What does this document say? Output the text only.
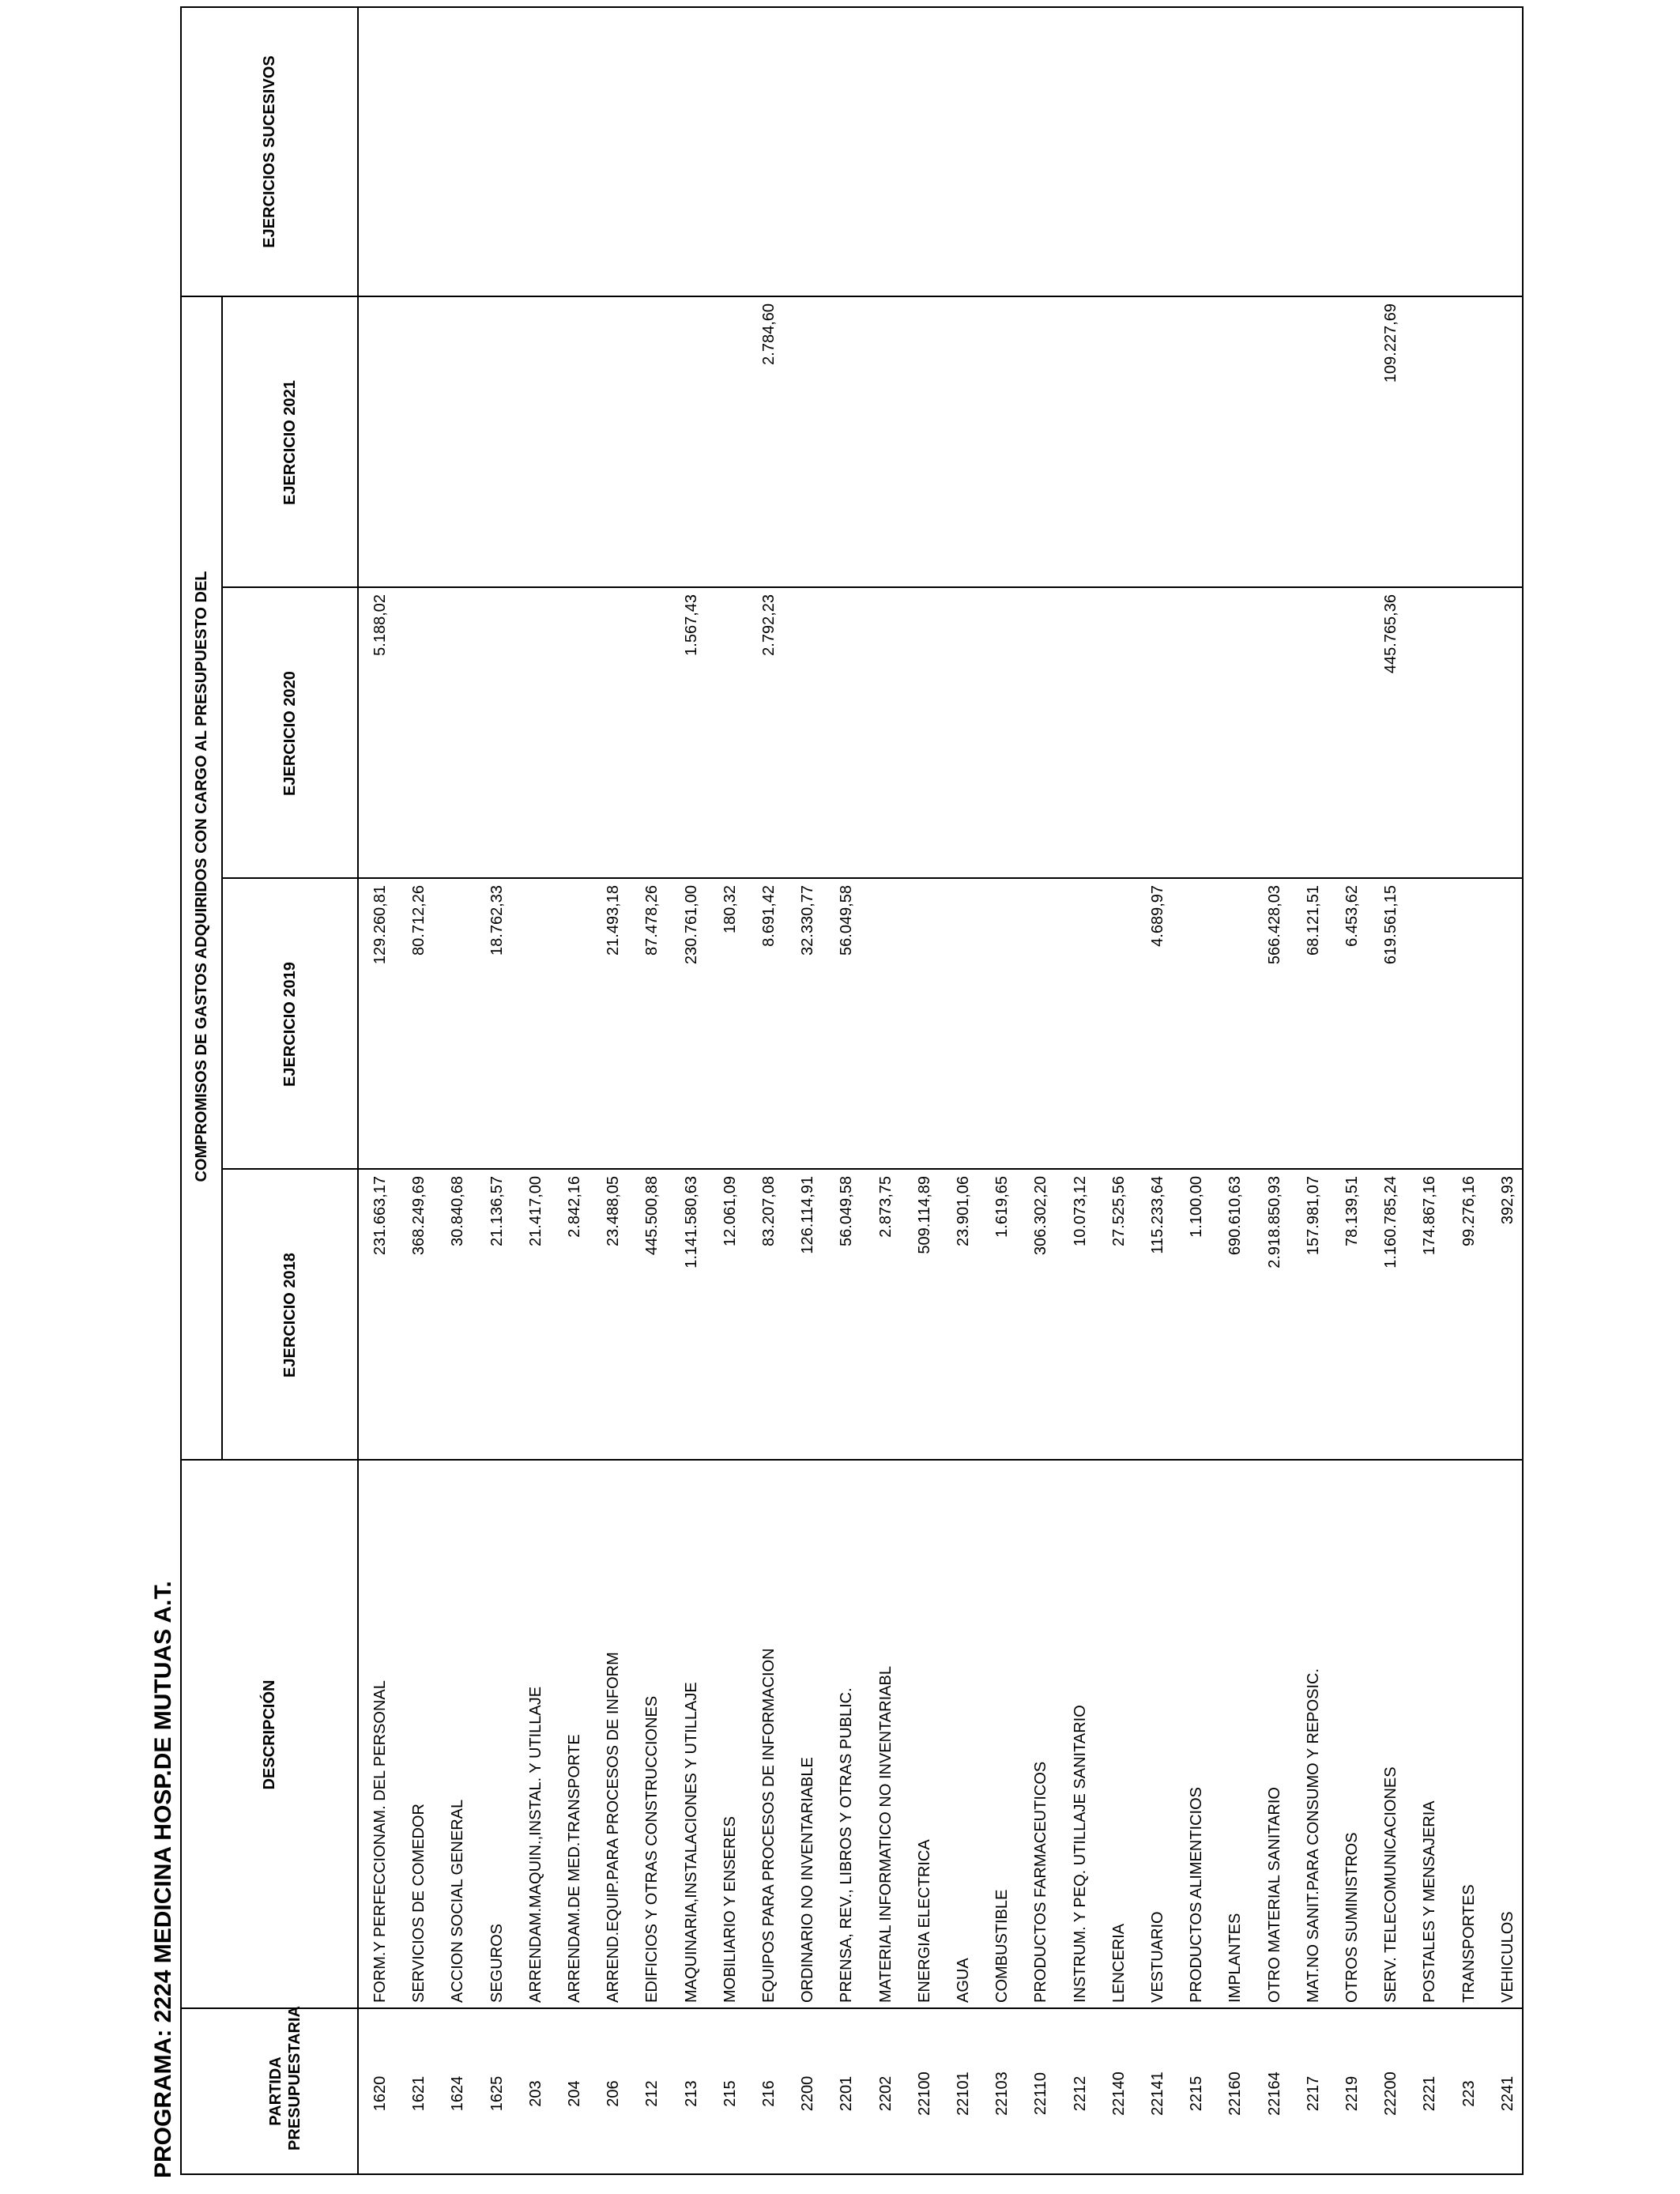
PROGRAMA: 2224 MEDICINA HOSP.DE MUTUAS A.T.	PARTIDA PRESUPUESTARIA
DESCRIPCIÓN
COMPROMISOS DE GASTOS ADQUIRIDOS CON CARGO AL PRESUPUESTO DEL
EJERCICIO 2018
EJERCICIO 2019
EJERCICIO 2020
EJERCICIO 2021
EJERCICIOS SUCESIVOS
1620
FORM.Y PERFECCIONAM. DEL PERSONAL
231.663,17
129.260,81
5.188,02
1621
SERVICIOS DE COMEDOR
368.249,69
80.712,26
1624
ACCION SOCIAL GENERAL
30.840,68
1625
SEGUROS
21.136,57
18.762,33
203
ARRENDAM.MAQUIN.,INSTAL. Y UTILLAJE
21.417,00
204
ARRENDAM.DE MED.TRANSPORTE
2.842,16
206
ARREND.EQUIP.PARA PROCESOS DE INFORM
23.488,05
21.493,18
212
EDIFICIOS Y OTRAS CONSTRUCCIONES
445.500,88
87.478,26
213
MAQUINARIA,INSTALACIONES Y UTILLAJE
1.141.580,63
230.761,00
1.567,43
215
MOBILIARIO Y ENSERES
12.061,09
180,32
216
EQUIPOS PARA PROCESOS DE INFORMACION
83.207,08
8.691,42
2.792,23
2.784,60
2200
ORDINARIO NO INVENTARIABLE
126.114,91
32.330,77
2201
PRENSA, REV., LIBROS Y OTRAS PUBLIC.
56.049,58
56.049,58
2202
MATERIAL INFORMATICO NO INVENTARIABL
2.873,75
22100
ENERGIA ELECTRICA
509.114,89
22101
AGUA
23.901,06
22103
COMBUSTIBLE
1.619,65
22110
PRODUCTOS FARMACEUTICOS
306.302,20
2212
INSTRUM. Y PEQ. UTILLAJE SANITARIO
10.073,12
22140
LENCERIA
27.525,56
22141
VESTUARIO
115.233,64
4.689,97
2215
PRODUCTOS ALIMENTICIOS
1.100,00
22160
IMPLANTES
690.610,63
22164
OTRO MATERIAL SANITARIO
2.918.850,93
566.428,03
2217
MAT.NO SANIT.PARA CONSUMO Y REPOSIC.
157.981,07
68.121,51
2219
OTROS SUMINISTROS
78.139,51
6.453,62
22200
SERV. TELECOMUNICACIONES
1.160.785,24
619.561,15
445.765,36
109.227,69
2221
POSTALES Y MENSAJERIA
174.867,16
223
TRANSPORTES
99.276,16
2241
VEHICULOS
392,93
